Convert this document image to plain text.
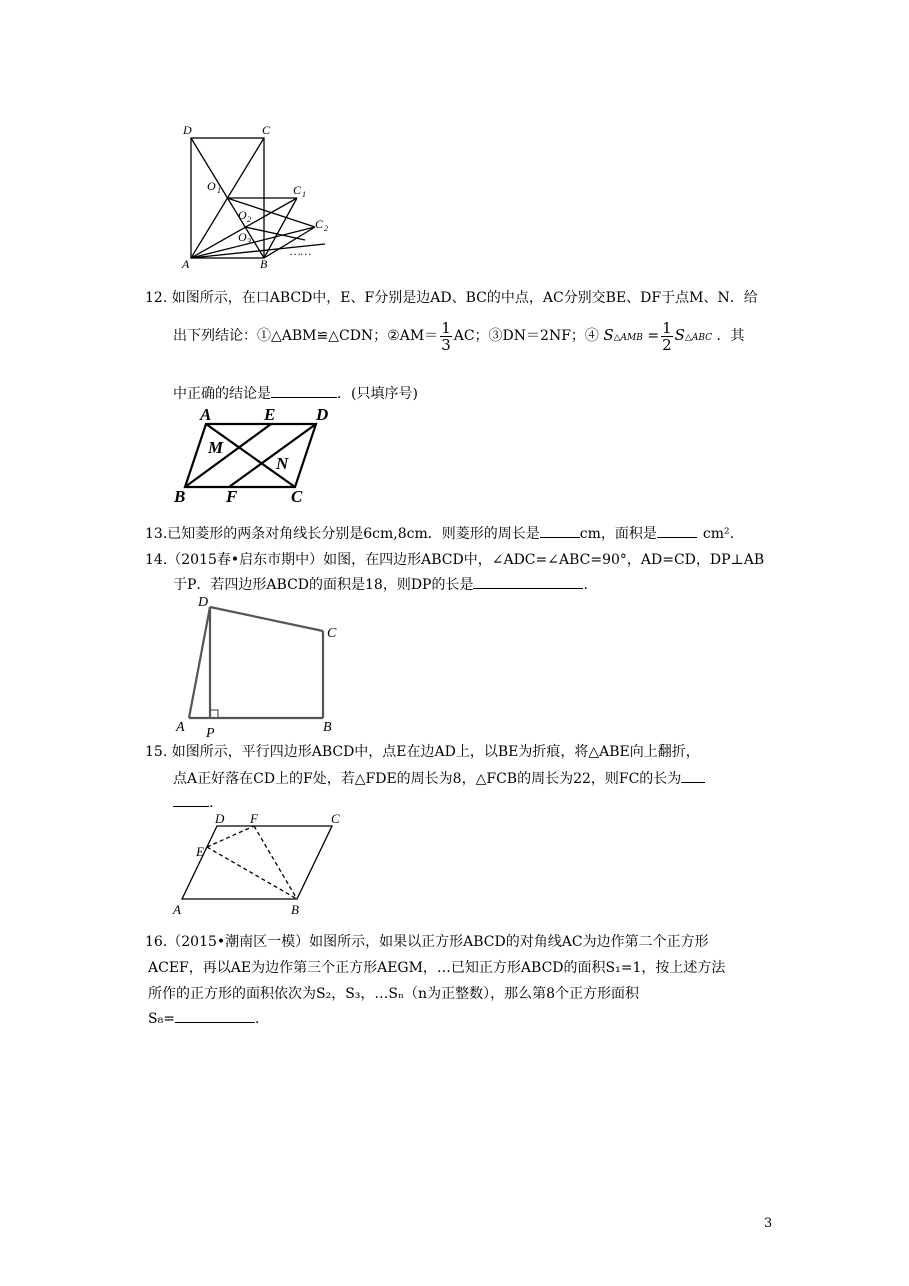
D	C
O 1	C 1
O 2
O 3
C 2
A	B
……
12. 如图所示，在口ABCD中，E、F分别是边AD、BC的中点，AC分别交BE、DF于点M、N．给
出下列结论：①△ABM≌△CDN；②AM＝ $\frac{1}{3}$ AC；③DN＝2NF；④ S△AMB = $\frac{1}{2}$ S△ABC ．其
中正确的结论是	．(只填序号)
A	E D
M
N
B F	C
13.已知菱形的两条对角线长分别是6cm,8cm．则菱形的周长是	cm，面积是	cm².
14.（2015春•启东市期中）如图，在四边形ABCD中，∠ADC=∠ABC=90°，AD=CD，DP⊥AB
于P．若四边形ABCD的面积是18，则DP的长是	.
D
C
A P	B
15. 如图所示，平行四边形ABCD中，点E在边AD上，以BE为折痕，将△ABE向上翻折，
点A正好落在CD上的F处，若△FDE的周长为8，△FCB的周长为22，则FC的长为
.
D F	C
E
A	B
16.（2015•潮南区一模）如图所示，如果以正方形ABCD的对角线AC为边作第二个正方形
ACEF，再以AE为边作第三个正方形AEGM，…已知正方形ABCD的面积S₁=1，按上述方法
所作的正方形的面积依次为S₂，S₃，…Sₙ（n为正整数），那么第8个正方形面积
S₈=	.
3
